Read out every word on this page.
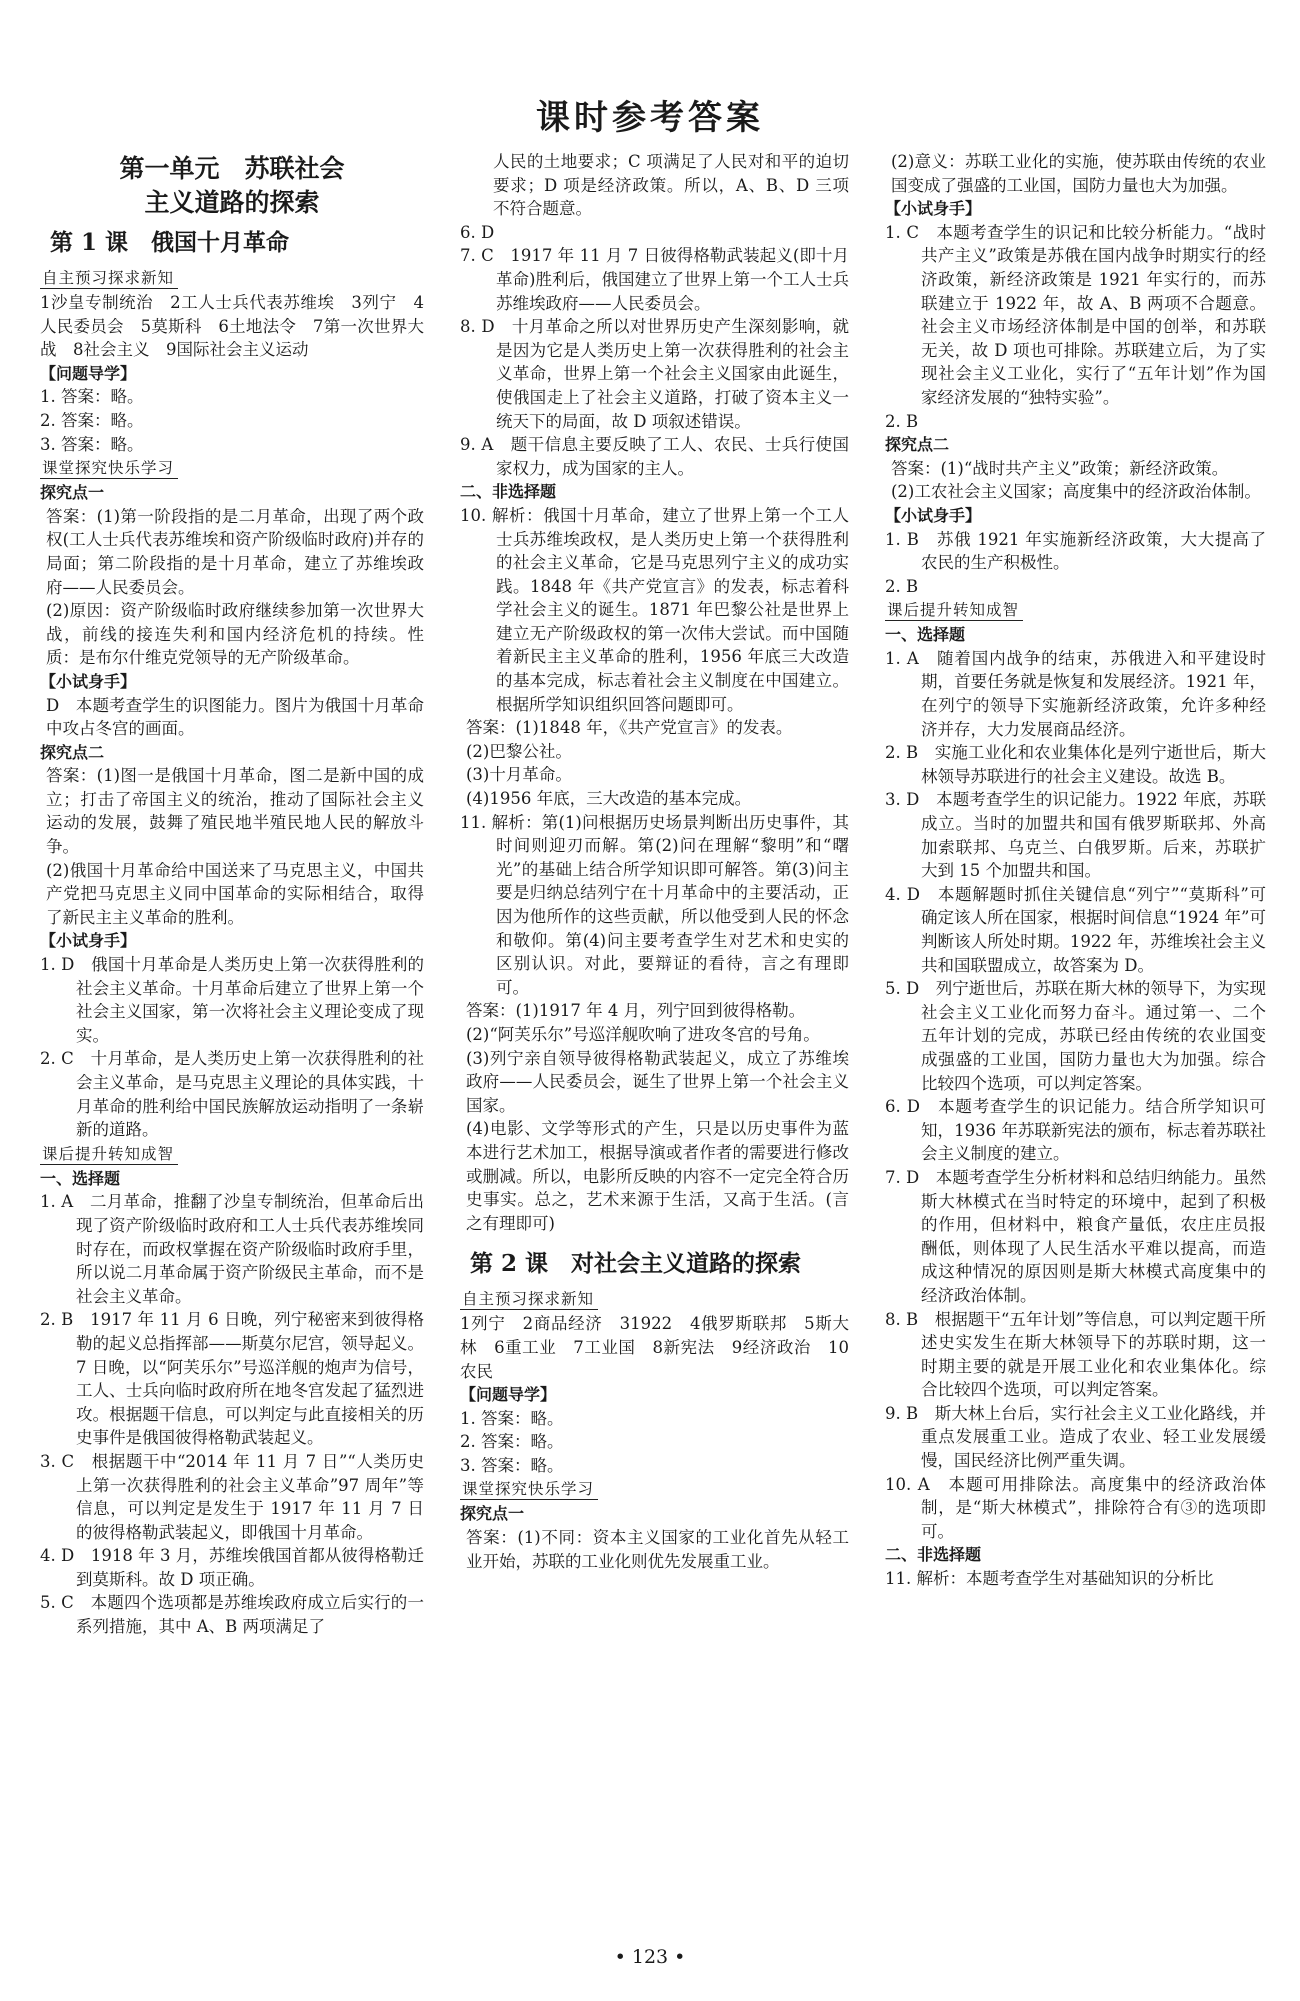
课时参考答案
第一单元　苏联社会
主义道路的探索
第 1 课　俄国十月革命
自主预习探求新知

1沙皇专制统治　2工人士兵代表苏维埃　3列宁　4人民委员会　5莫斯科　6土地法令　7第一次世界大战　8社会主义　9国际社会主义运动

【问题导学】

1. 答案：略。

2. 答案：略。

3. 答案：略。

课堂探究快乐学习

探究点一

答案：(1)第一阶段指的是二月革命，出现了两个政权(工人士兵代表苏维埃和资产阶级临时政府)并存的局面；第二阶段指的是十月革命，建立了苏维埃政府——人民委员会。

(2)原因：资产阶级临时政府继续参加第一次世界大战，前线的接连失利和国内经济危机的持续。性质：是布尔什维克党领导的无产阶级革命。

【小试身手】

D　本题考查学生的识图能力。图片为俄国十月革命中攻占冬宫的画面。

探究点二

答案：(1)图一是俄国十月革命，图二是新中国的成立；打击了帝国主义的统治，推动了国际社会主义运动的发展，鼓舞了殖民地半殖民地人民的解放斗争。

(2)俄国十月革命给中国送来了马克思主义，中国共产党把马克思主义同中国革命的实际相结合，取得了新民主主义革命的胜利。

【小试身手】

1. D　俄国十月革命是人类历史上第一次获得胜利的社会主义革命。十月革命后建立了世界上第一个社会主义国家，第一次将社会主义理论变成了现实。

2. C　十月革命，是人类历史上第一次获得胜利的社会主义革命，是马克思主义理论的具体实践，十月革命的胜利给中国民族解放运动指明了一条崭新的道路。

课后提升转知成智

一、选择题

1. A　二月革命，推翻了沙皇专制统治，但革命后出现了资产阶级临时政府和工人士兵代表苏维埃同时存在，而政权掌握在资产阶级临时政府手里，所以说二月革命属于资产阶级民主革命，而不是社会主义革命。

2. B　1917 年 11 月 6 日晚，列宁秘密来到彼得格勒的起义总指挥部——斯莫尔尼宫，领导起义。7 日晚，以“阿芙乐尔”号巡洋舰的炮声为信号，工人、士兵向临时政府所在地冬宫发起了猛烈进攻。根据题干信息，可以判定与此直接相关的历史事件是俄国彼得格勒武装起义。

3. C　根据题干中“2014 年 11 月 7 日”“人类历史上第一次获得胜利的社会主义革命”97 周年”等信息，可以判定是发生于 1917 年 11 月 7 日的彼得格勒武装起义，即俄国十月革命。

4. D　1918 年 3 月，苏维埃俄国首都从彼得格勒迁到莫斯科。故 D 项正确。

5. C　本题四个选项都是苏维埃政府成立后实行的一系列措施，其中 A、B 两项满足了

人民的土地要求；C 项满足了人民对和平的迫切要求；D 项是经济政策。所以，A、B、D 三项不符合题意。

6. D

7. C　1917 年 11 月 7 日彼得格勒武装起义(即十月革命)胜利后，俄国建立了世界上第一个工人士兵苏维埃政府——人民委员会。

8. D　十月革命之所以对世界历史产生深刻影响，就是因为它是人类历史上第一次获得胜利的社会主义革命，世界上第一个社会主义国家由此诞生，使俄国走上了社会主义道路，打破了资本主义一统天下的局面，故 D 项叙述错误。

9. A　题干信息主要反映了工人、农民、士兵行使国家权力，成为国家的主人。

二、非选择题

10. 解析：俄国十月革命，建立了世界上第一个工人士兵苏维埃政权，是人类历史上第一个获得胜利的社会主义革命，它是马克思列宁主义的成功实践。1848 年《共产党宣言》的发表，标志着科学社会主义的诞生。1871 年巴黎公社是世界上建立无产阶级政权的第一次伟大尝试。而中国随着新民主主义革命的胜利，1956 年底三大改造的基本完成，标志着社会主义制度在中国建立。根据所学知识组织回答问题即可。

答案：(1)1848 年，《共产党宣言》的发表。

(2)巴黎公社。

(3)十月革命。

(4)1956 年底，三大改造的基本完成。

11. 解析：第(1)问根据历史场景判断出历史事件，其时间则迎刃而解。第(2)问在理解“黎明”和“曙光”的基础上结合所学知识即可解答。第(3)问主要是归纳总结列宁在十月革命中的主要活动，正因为他所作的这些贡献，所以他受到人民的怀念和敬仰。第(4)问主要考查学生对艺术和史实的区别认识。对此，要辩证的看待，言之有理即可。

答案：(1)1917 年 4 月，列宁回到彼得格勒。

(2)“阿芙乐尔”号巡洋舰吹响了进攻冬宫的号角。

(3)列宁亲自领导彼得格勒武装起义，成立了苏维埃政府——人民委员会，诞生了世界上第一个社会主义国家。

(4)电影、文学等形式的产生，只是以历史事件为蓝本进行艺术加工，根据导演或者作者的需要进行修改或删减。所以，电影所反映的内容不一定完全符合历史事实。总之，艺术来源于生活，又高于生活。(言之有理即可)

第 2 课　对社会主义道路的探索
自主预习探求新知

1列宁　2商品经济　31922　4俄罗斯联邦　5斯大林　6重工业　7工业国　8新宪法　9经济政治　10农民

【问题导学】

1. 答案：略。

2. 答案：略。

3. 答案：略。

课堂探究快乐学习

探究点一

答案：(1)不同：资本主义国家的工业化首先从轻工业开始，苏联的工业化则优先发展重工业。

(2)意义：苏联工业化的实施，使苏联由传统的农业国变成了强盛的工业国，国防力量也大为加强。

【小试身手】

1. C　本题考查学生的识记和比较分析能力。“战时共产主义”政策是苏俄在国内战争时期实行的经济政策，新经济政策是 1921 年实行的，而苏联建立于 1922 年，故 A、B 两项不合题意。社会主义市场经济体制是中国的创举，和苏联无关，故 D 项也可排除。苏联建立后，为了实现社会主义工业化，实行了“五年计划”作为国家经济发展的“独特实验”。

2. B

探究点二

答案：(1)“战时共产主义”政策；新经济政策。

(2)工农社会主义国家；高度集中的经济政治体制。

【小试身手】

1. B　苏俄 1921 年实施新经济政策，大大提高了农民的生产积极性。

2. B

课后提升转知成智

一、选择题

1. A　随着国内战争的结束，苏俄进入和平建设时期，首要任务就是恢复和发展经济。1921 年，在列宁的领导下实施新经济政策，允许多种经济并存，大力发展商品经济。

2. B　实施工业化和农业集体化是列宁逝世后，斯大林领导苏联进行的社会主义建设。故选 B。

3. D　本题考查学生的识记能力。1922 年底，苏联成立。当时的加盟共和国有俄罗斯联邦、外高加索联邦、乌克兰、白俄罗斯。后来，苏联扩大到 15 个加盟共和国。

4. D　本题解题时抓住关键信息“列宁”“莫斯科”可确定该人所在国家，根据时间信息“1924 年”可判断该人所处时期。1922 年，苏维埃社会主义共和国联盟成立，故答案为 D。

5. D　列宁逝世后，苏联在斯大林的领导下，为实现社会主义工业化而努力奋斗。通过第一、二个五年计划的完成，苏联已经由传统的农业国变成强盛的工业国，国防力量也大为加强。综合比较四个选项，可以判定答案。

6. D　本题考查学生的识记能力。结合所学知识可知，1936 年苏联新宪法的颁布，标志着苏联社会主义制度的建立。

7. D　本题考查学生分析材料和总结归纳能力。虽然斯大林模式在当时特定的环境中，起到了积极的作用，但材料中，粮食产量低，农庄庄员报酬低，则体现了人民生活水平难以提高，而造成这种情况的原因则是斯大林模式高度集中的经济政治体制。

8. B　根据题干“五年计划”等信息，可以判定题干所述史实发生在斯大林领导下的苏联时期，这一时期主要的就是开展工业化和农业集体化。综合比较四个选项，可以判定答案。

9. B　斯大林上台后，实行社会主义工业化路线，并重点发展重工业。造成了农业、轻工业发展缓慢，国民经济比例严重失调。

10. A　本题可用排除法。高度集中的经济政治体制，是“斯大林模式”，排除符合有③的选项即可。

二、非选择题

11. 解析：本题考查学生对基础知识的分析比

• 123 •
